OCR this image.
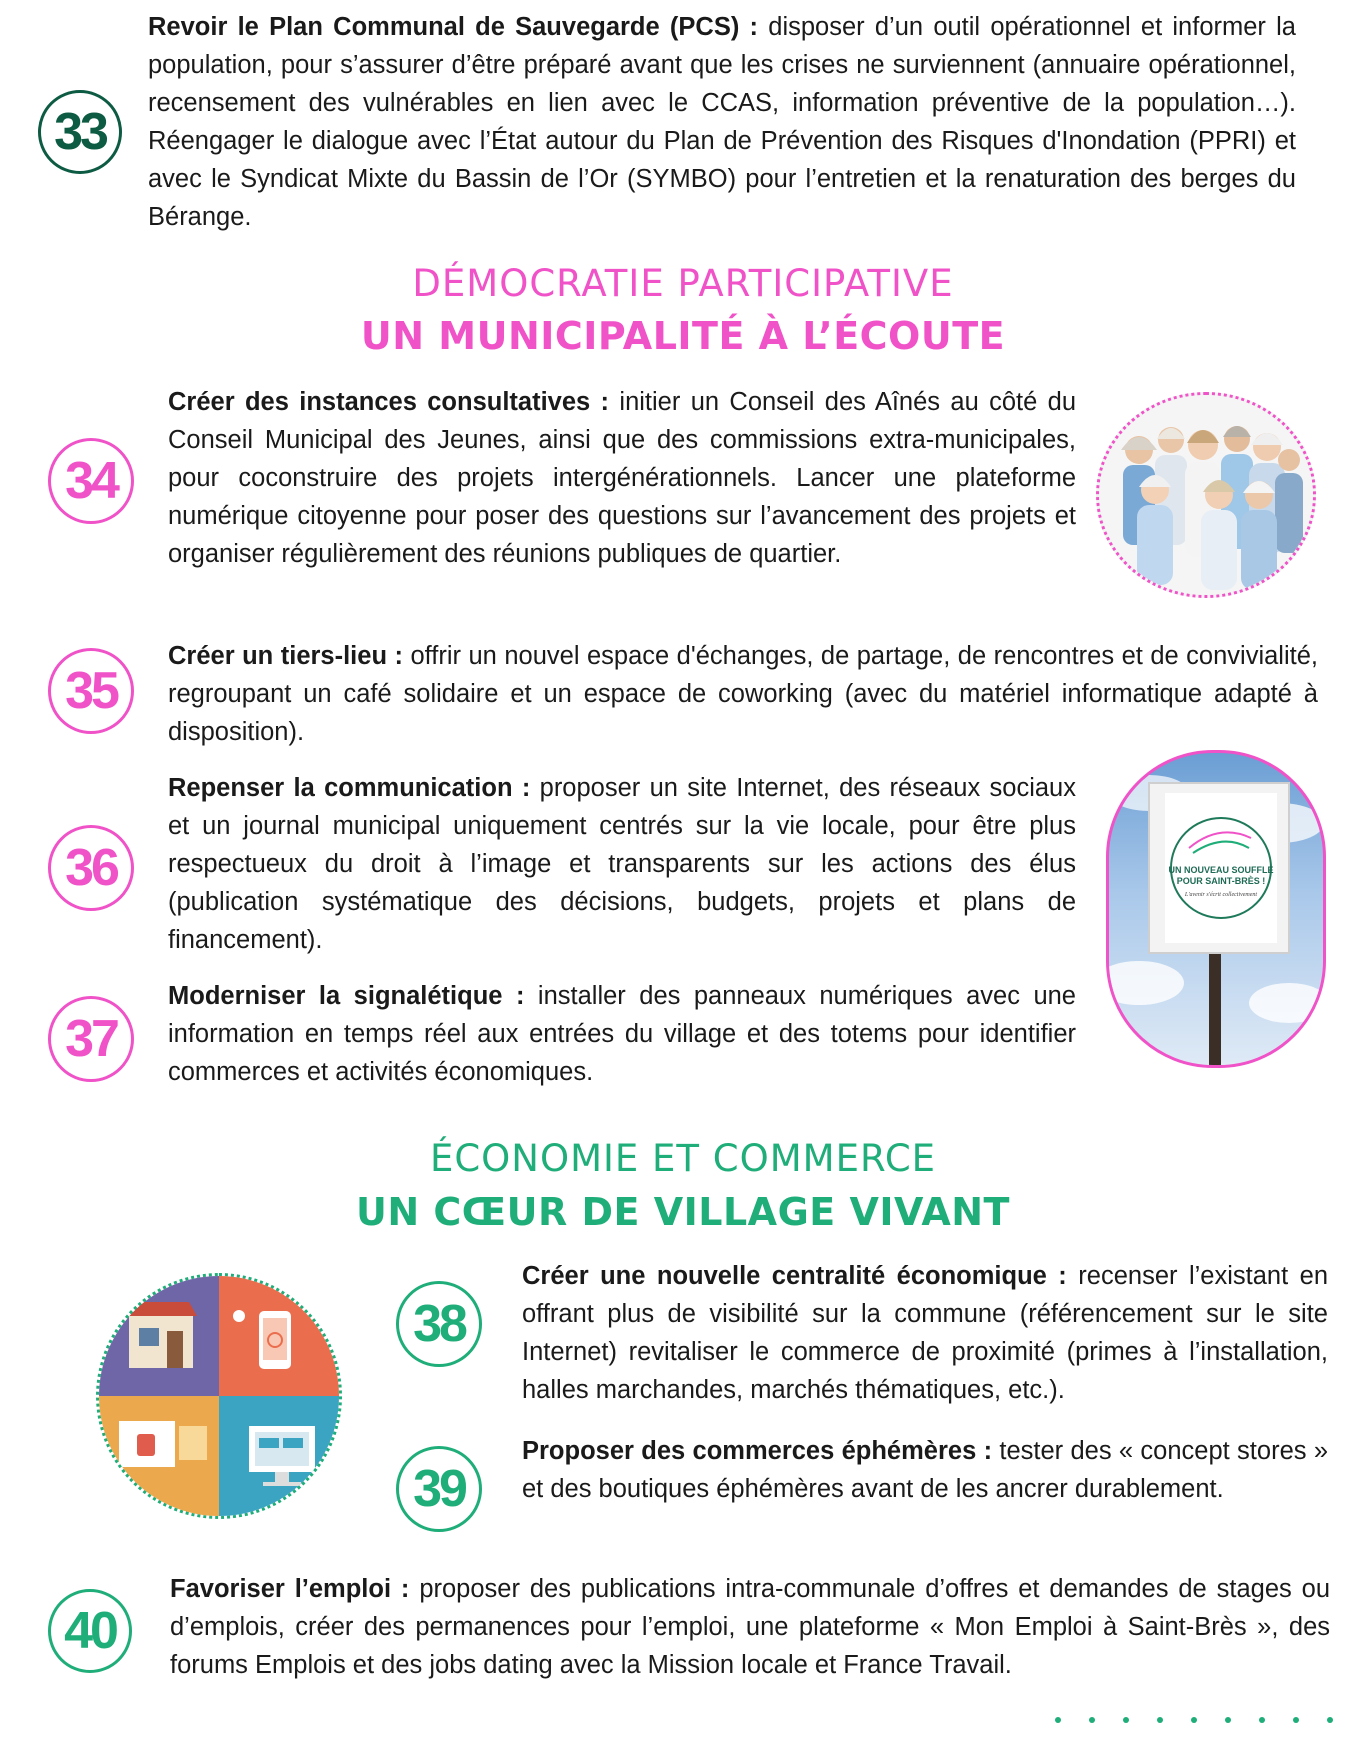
33
Revoir le Plan Communal de Sauvegarde (PCS) : disposer d’un outil opérationnel et informer la population, pour s’assurer d’être préparé avant que les crises ne surviennent (annuaire opérationnel, recensement des vulnérables en lien avec le CCAS, information préventive de la population…). Réengager le dialogue avec l’État autour du Plan de Prévention des Risques d'Inondation (PPRI) et avec le Syndicat Mixte du Bassin de l’Or (SYMBO) pour l’entretien et la renaturation des berges du Bérange.
DÉMOCRATIE PARTICIPATIVE
UN MUNICIPALITÉ À L’ÉCOUTE
34
Créer des instances consultatives : initier un Conseil des Aînés au côté du Conseil Municipal des Jeunes, ainsi que des commissions extra-municipales, pour coconstruire des projets intergénérationnels. Lancer une plateforme numérique citoyenne pour poser des questions sur l’avancement des projets et organiser régulièrement des réunions publiques de quartier.
35
Créer un tiers-lieu : offrir un nouvel espace d'échanges, de partage, de rencontres et de convivialité, regroupant un café solidaire et un espace de coworking (avec du matériel informatique adapté à disposition).
36
Repenser la communication : proposer un site Internet, des réseaux sociaux et un journal municipal uniquement centrés sur la vie locale, pour être plus respectueux du droit à l’image et transparents sur les actions des élus (publication systématique des décisions, budgets, projets et plans de financement).
UN NOUVEAU SOUFFLE
POUR SAINT-BRÈS !
L'avenir s'écrit collectivement
37
Moderniser la signalétique : installer des panneaux numériques avec une information en temps réel aux entrées du village et des totems pour identifier commerces et activités économiques.
ÉCONOMIE ET COMMERCE
UN CŒUR DE VILLAGE VIVANT
38
Créer une nouvelle centralité économique : recenser l’existant en offrant plus de visibilité sur la commune (référencement sur le site Internet) revitaliser le commerce de proximité (primes à l’installation, halles marchandes, marchés thématiques, etc.).
39
Proposer des commerces éphémères : tester des « concept stores » et des boutiques éphémères avant de les ancrer durablement.
40
Favoriser l’emploi : proposer des publications intra-communale d’offres et demandes de stages ou d’emplois, créer des permanences pour l’emploi, une plateforme « Mon Emploi à Saint-Brès », des forums Emplois et des jobs dating avec la Mission locale et France Travail.
